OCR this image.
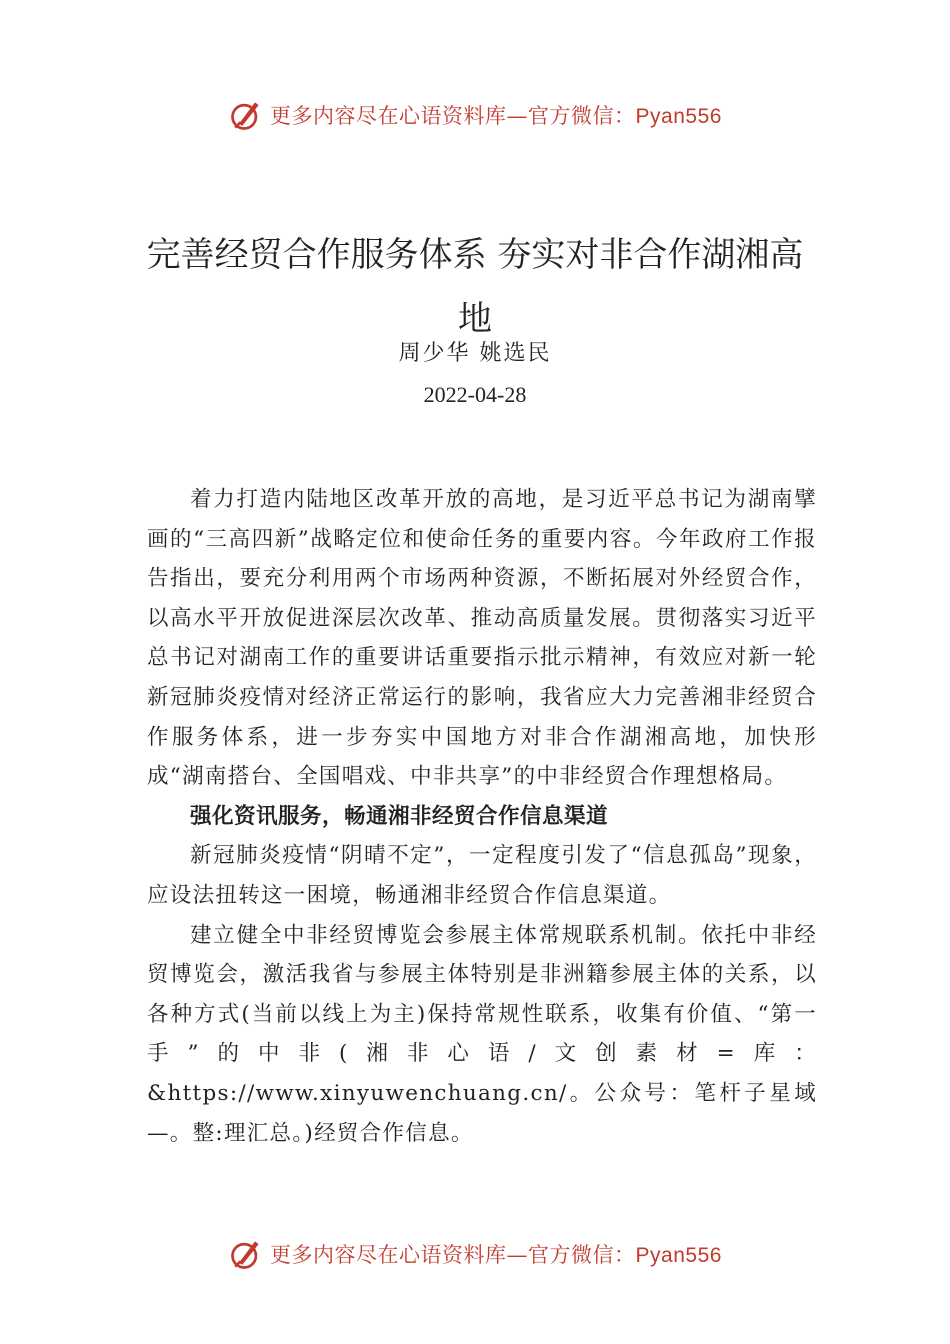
更多内容尽在心语资料库—官方微信：Pyan556
完善经贸合作服务体系 夯实对非合作湖湘高地
周少华 姚选民
2022-04-28

着力打造内陆地区改革开放的高地，是习近平总书记为湖南擘画的“三高四新”战略定位和使命任务的重要内容。今年政府工作报告指出，要充分利用两个市场两种资源，不断拓展对外经贸合作，以高水平开放促进深层次改革、推动高质量发展。贯彻落实习近平总书记对湖南工作的重要讲话重要指示批示精神，有效应对新一轮新冠肺炎疫情对经济正常运行的影响，我省应大力完善湘非经贸合作服务体系，进一步夯实中国地方对非合作湖湘高地，加快形成“湖南搭台、全国唱戏、中非共享”的中非经贸合作理想格局。

强化资讯服务，畅通湘非经贸合作信息渠道

新冠肺炎疫情“阴晴不定”，一定程度引发了“信息孤岛”现象，应设法扭转这一困境，畅通湘非经贸合作信息渠道。

建立健全中非经贸博览会参展主体常规联系机制。依托中非经贸博览会，激活我省与参展主体特别是非洲籍参展主体的关系，以各种方式(当前以线上为主)保持常规性联系，收集有价值、“第一手”的中非(湘非心语/文创素材=库：&https://www.xinyuwenchuang.cn/。公众号：笔杆子星域—。整:理汇总。)经贸合作信息。

更多内容尽在心语资料库—官方微信：Pyan556
